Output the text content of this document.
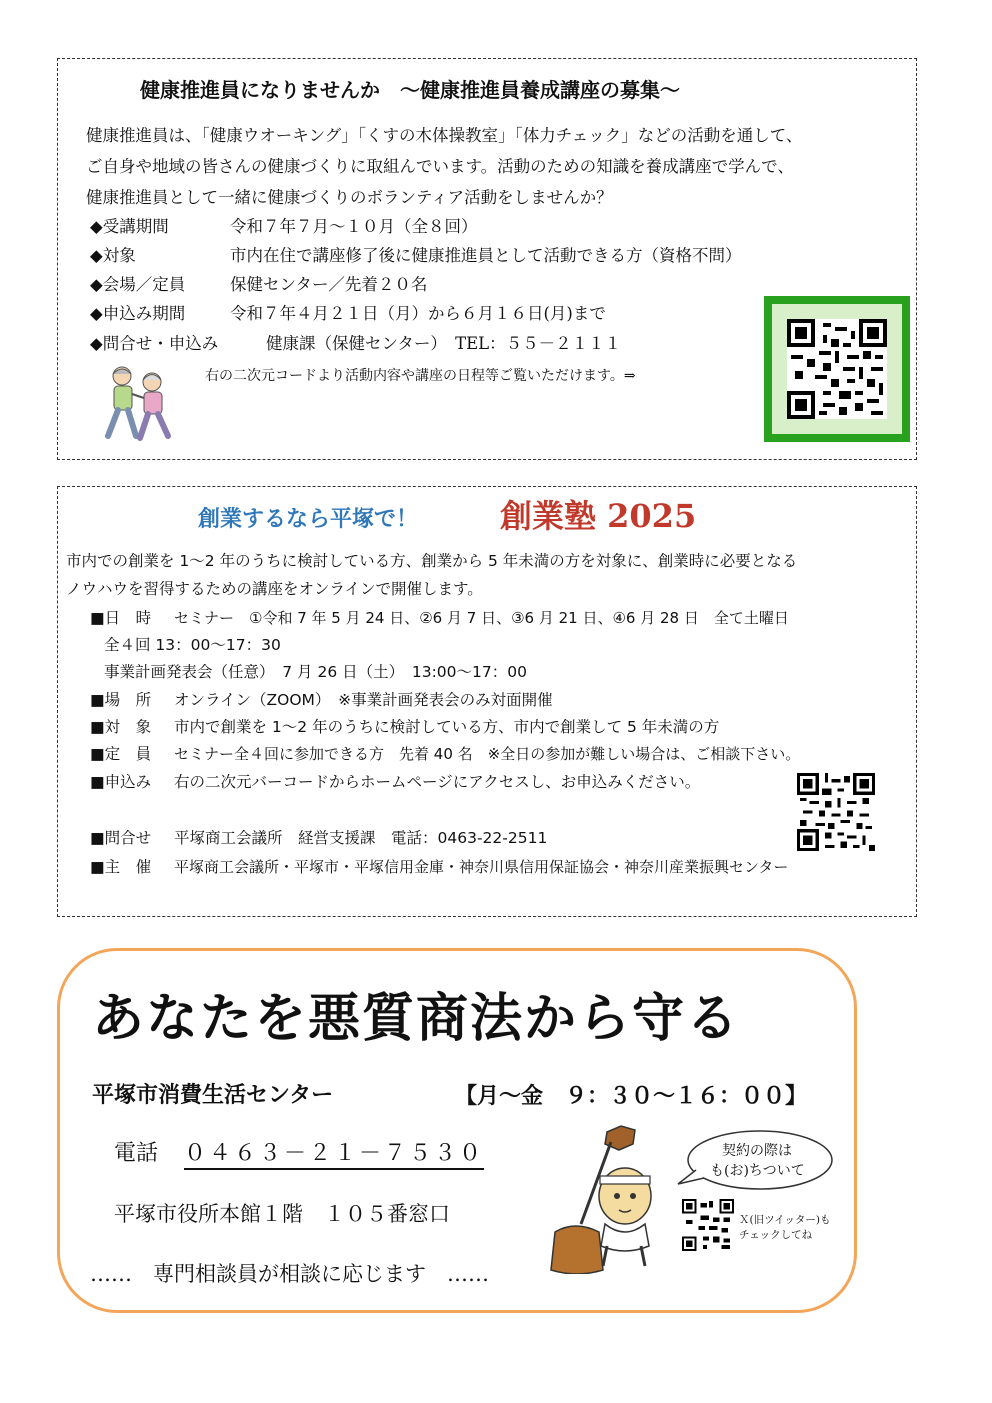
健康推進員になりませんか　～健康推進員養成講座の募集～
健康推進員は、「健康ウオーキング」「くすの木体操教室」「体力チェック」などの活動を通して、
ご自身や地域の皆さんの健康づくりに取組んでいます。活動のための知識を養成講座で学んで、
健康推進員として一緒に健康づくりのボランティア活動をしませんか？
◆受講期間	令和７年７月～１０月（全８回）
◆対象	市内在住で講座修了後に健康推進員として活動できる方（資格不問）
◆会場／定員	保健センター／先着２０名
◆申込み期間	令和７年４月２１日（月）から６月１６日(月)まで
◆問合せ・申込み	健康課（保健センター）　TEL：５５－２１１１
右の二次元コードより活動内容や講座の日程等ご覧いただけます。⇒
創業するなら平塚で！	創業塾 2025
市内での創業を 1～2 年のうちに検討している方、創業から 5 年未満の方を対象に、創業時に必要となる
ノウハウを習得するための講座をオンラインで開催します。
■日　時 セミナー　①令和 7 年 5 月 24 日、②6 月 7 日、③6 月 21 日、④6 月 28 日　全て土曜日
全４回 13：00～17：30
事業計画発表会（任意）　7 月 26 日（土）　13:00～17：00
■場　所 オンライン（ZOOM）　※事業計画発表会のみ対面開催
■対　象 市内で創業を 1～2 年のうちに検討している方、市内で創業して 5 年未満の方
■定　員 セミナー全４回に参加できる方　先着 40 名　※全日の参加が難しい場合は、ご相談下さい。
■申込み 右の二次元バーコードからホームページにアクセスし、お申込みください。
■問合せ 平塚商工会議所　経営支援課　電話：0463-22-2511
■主　催 平塚商工会議所・平塚市・平塚信用金庫・神奈川県信用保証協会・神奈川産業振興センター
あなたを悪質商法から守る
平塚市消費生活センター	【月～金　９：３０～１６：００】
電話 ０４６３－２１－７５３０
平塚市役所本館１階　１０５番窓口
……　専門相談員が相談に応じます　……
契約の際は
も(お)ちついて
Ｘ(旧ツイッター)も
チェックしてね
